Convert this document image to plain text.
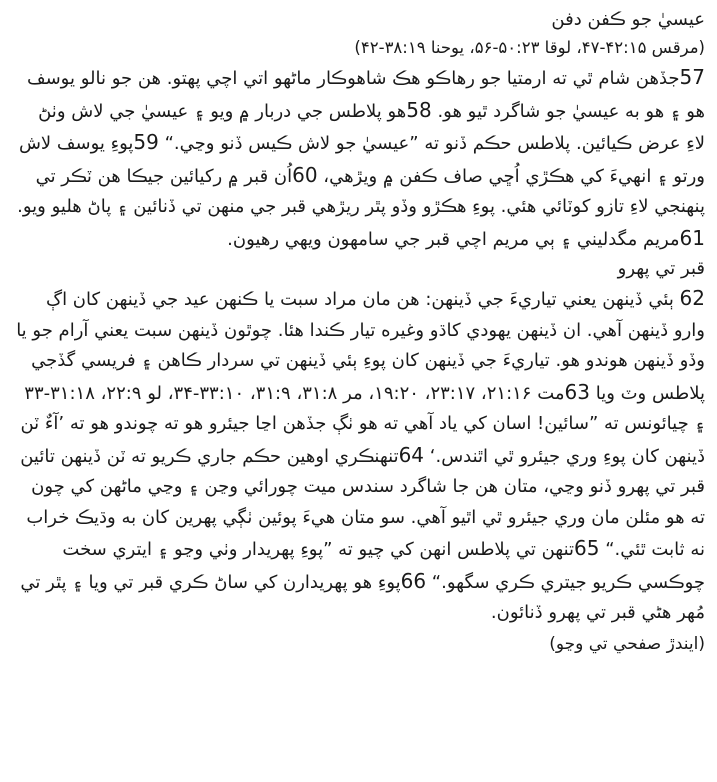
عيسيٰ جو ڪفن دفن

(مرقس ۴۲:۱۵-۴۷، لوقا ۵۰:۲۳-۵۶، يوحنا ۳۸:۱۹-۴۲)

57جڏهن شام ٿي ته ارمتيا جو رهاڪو هڪ شاهوڪار ماڻهو اتي اچي پهتو. هن جو نالو يوسف هو ۽ هو به عيسيٰ جو شاگرد ٿيو هو. 58هو پلاطس جي دربار ۾ ويو ۽ عيسيٰ جي لاش وٺڻ لاءِ عرض ڪيائين. پلاطس حڪم ڏنو ته ”عيسيٰ جو لاش ڪيس ڏنو وڃي.“ 59پوءِ يوسف لاش ورتو ۽ انهيءَ کي هڪڙي اُڇي صاف ڪفن ۾ ويڙهي، 60اُن قبر ۾ رکيائين جيڪا هن ٽڪر تي پنهنجي لاءِ تازو کوٽائي هئي. پوءِ هڪڙو وڏو پٿر ريڙهي قبر جي منهن تي ڏنائين ۽ پاڻ هليو ويو. 61مريم مگدليني ۽ ٻي مريم اچي قبر جي سامهون ويهي رهيون.

قبر تي پهرو

62 ٻئي ڏينهن يعني تياريءَ جي ڏينهن: هن مان مراد سبت يا ڪنهن عيد جي ڏينهن کان اڳ وارو ڏينهن آهي. ان ڏينهن يهودي کاڌو وغيره تيار ڪندا هئا. چوٿون ڏينهن سبت يعني آرام جو يا وڏو ڏينهن هوندو هو. تياريءَ جي ڏينهن کان پوءِ ٻئي ڏينهن تي سردار ڪاهن ۽ فريسي گڏجي پلاطس وٽ ويا 63مت ۲۱:۱۶، ۲۳:۱۷، ۱۹:۲۰، مر ۳۱:۸، ۳۱:۹، ۳۳:۱۰-۳۴، لو ۲۲:۹، ۳۱:۱۸-۳۳ ۽ چيائونس ته ”سائين! اسان کي ياد آهي ته هو ٺڳ جڏهن اڃا جيئرو هو ته چوندو هو ته ’آءٌ ٽن ڏينهن کان پوءِ وري جيئرو ٿي اٿندس.‘ 64تنهنڪري اوهين حڪم جاري ڪريو ته ٽن ڏينهن تائين قبر تي پهرو ڏنو وڃي، متان هن جا شاگرد سندس ميت چورائي وڃن ۽ وڃي ماڻهن کي چون ته هو مئلن مان وري جيئرو ٿي اٿيو آهي. سو متان هيءَ پوئين ٺڳي پهرين کان به وڌيڪ خراب نه ثابت ٿئي.“ 65تنهن تي پلاطس انهن کي چيو ته ”پوءِ پهريدار وٺي وڃو ۽ ايتري سخت چوڪسي ڪريو جيتري ڪري سگهو.“ 66پوءِ هو پهريدارن کي ساڻ ڪري قبر تي ويا ۽ پٿر تي مُهر هڻي قبر تي پهرو ڏنائون.

(ايندڙ صفحي تي وڃو)
